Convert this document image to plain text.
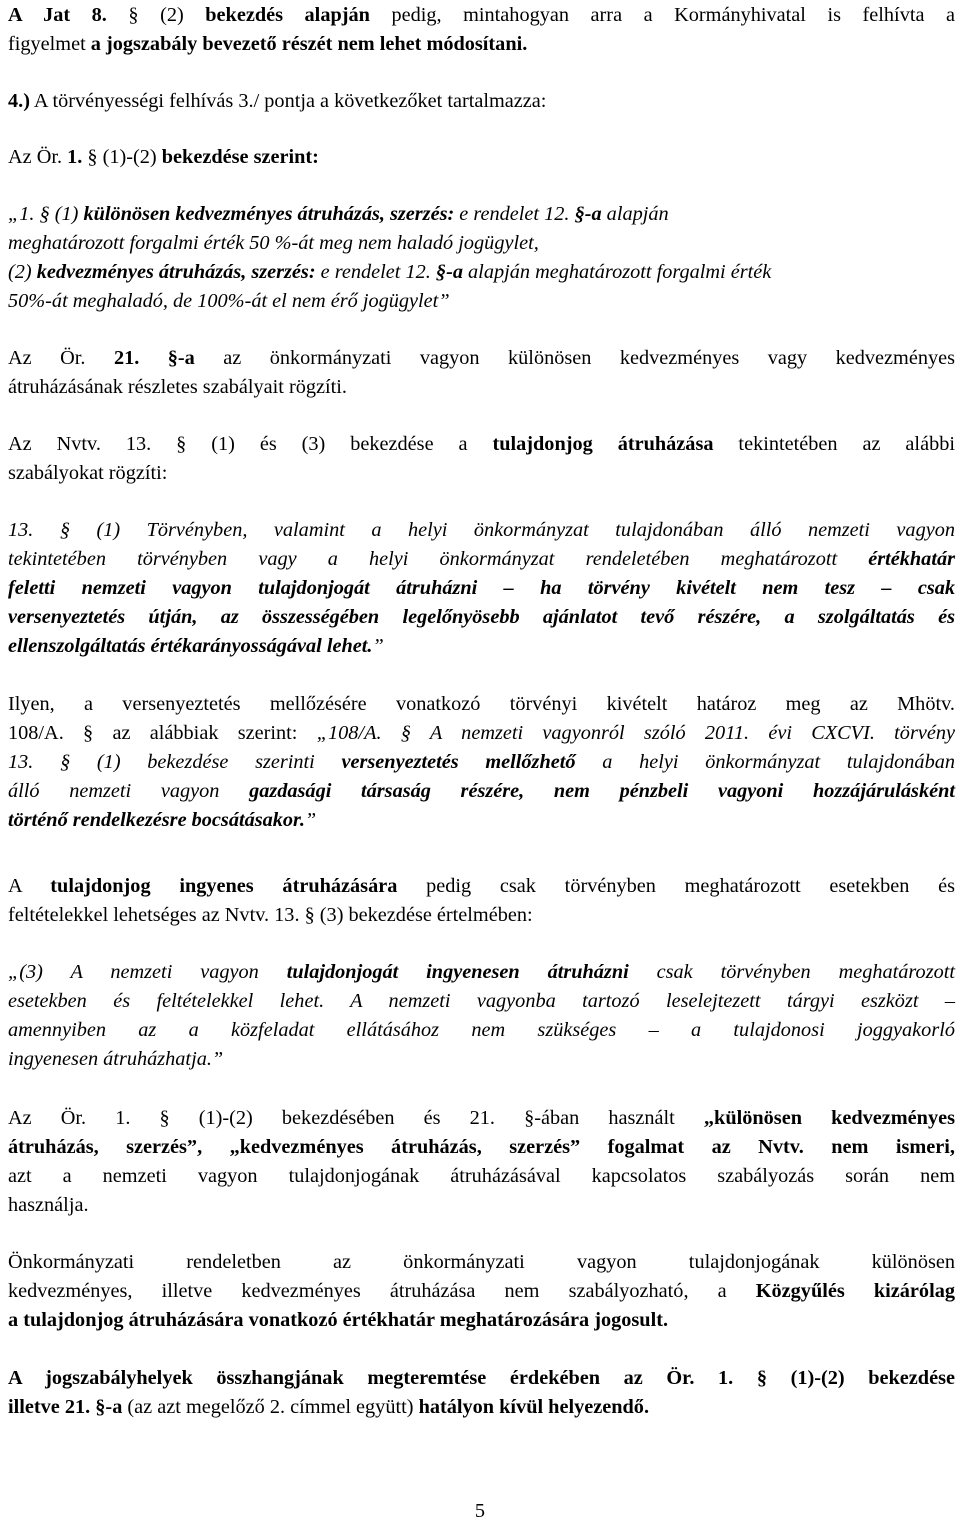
A Jat 8. § (2) bekezdés alapján pedig, mintahogyan arra a Kormányhivatal is felhívta a
figyelmet a jogszabály bevezető részét nem lehet módosítani.
4.) A törvényességi felhívás 3./ pontja a következőket tartalmazza:
Az Ör. 1. § (1)-(2) bekezdése szerint:
„1. § (1) különösen kedvezményes átruházás, szerzés: e rendelet 12. §-a alapján
meghatározott forgalmi érték 50 %-át meg nem haladó jogügylet,
(2) kedvezményes átruházás, szerzés: e rendelet 12. §-a alapján meghatározott forgalmi érték
50%-át meghaladó, de 100%-át el nem érő jogügylet”
Az Ör. 21. §-a az önkormányzati vagyon különösen kedvezményes vagy kedvezményes
átruházásának részletes szabályait rögzíti.
Az Nvtv. 13. § (1) és (3) bekezdése a tulajdonjog átruházása tekintetében az alábbi
szabályokat rögzíti:
13. § (1) Törvényben, valamint a helyi önkormányzat tulajdonában álló nemzeti vagyon
tekintetében törvényben vagy a helyi önkormányzat rendeletében meghatározott értékhatár
feletti nemzeti vagyon tulajdonjogát átruházni – ha törvény kivételt nem tesz – csak
versenyeztetés útján, az összességében legelőnyösebb ajánlatot tevő részére, a szolgáltatás és
ellenszolgáltatás értékarányosságával lehet.”
Ilyen, a versenyeztetés mellőzésére vonatkozó törvényi kivételt határoz meg az Mhötv.
108/A. § az alábbiak szerint: „108/A. § A nemzeti vagyonról szóló 2011. évi CXCVI. törvény
13. § (1) bekezdése szerinti versenyeztetés mellőzhető a helyi önkormányzat tulajdonában
álló nemzeti vagyon gazdasági társaság részére, nem pénzbeli vagyoni hozzájárulásként
történő rendelkezésre bocsátásakor.”
A tulajdonjog ingyenes átruházására pedig csak törvényben meghatározott esetekben és
feltételekkel lehetséges az Nvtv. 13. § (3) bekezdése értelmében:
„(3) A nemzeti vagyon tulajdonjogát ingyenesen átruházni csak törvényben meghatározott
esetekben és feltételekkel lehet. A nemzeti vagyonba tartozó leselejtezett tárgyi eszközt –
amennyiben az a közfeladat ellátásához nem szükséges – a tulajdonosi joggyakorló
ingyenesen átruházhatja.”
Az Ör. 1. § (1)-(2) bekezdésében és 21. §-ában használt „különösen kedvezményes
átruházás, szerzés”, „kedvezményes átruházás, szerzés” fogalmat az Nvtv. nem ismeri,
azt a nemzeti vagyon tulajdonjogának átruházásával kapcsolatos szabályozás során nem
használja.
Önkormányzati rendeletben az önkormányzati vagyon tulajdonjogának különösen
kedvezményes, illetve kedvezményes átruházása nem szabályozható, a Közgyűlés kizárólag
a tulajdonjog átruházására vonatkozó értékhatár meghatározására jogosult.
A jogszabályhelyek összhangjának megteremtése érdekében az Ör. 1. § (1)-(2) bekezdése
illetve 21. §-a (az azt megelőző 2. címmel együtt) hatályon kívül helyezendő.
5
